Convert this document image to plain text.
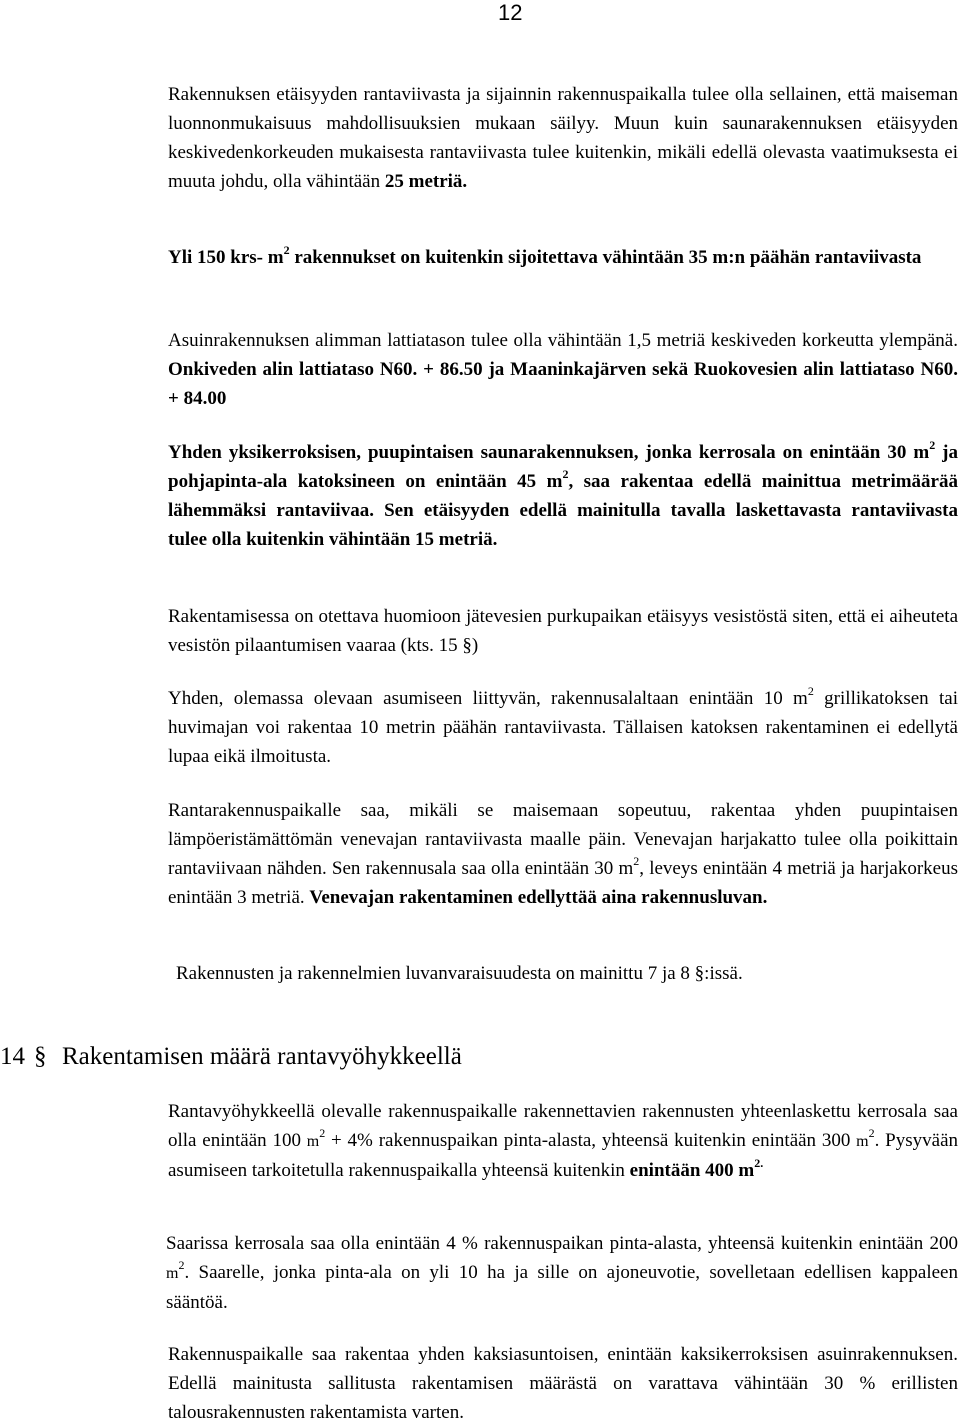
12

Rakennuksen etäisyyden rantaviivasta ja sijainnin rakennuspaikalla tulee olla sellainen, että maiseman luonnonmukaisuus mahdollisuuksien mukaan säilyy. Muun kuin saunarakennuksen etäisyyden keskivedenkorkeuden mukaisesta rantaviivasta tulee kuitenkin, mikäli edellä olevasta vaatimuksesta ei muuta johdu, olla vähintään 25 metriä.

Yli 150 krs- $m^2$ rakennukset on kuitenkin sijoitettava vähintään 35 m:n päähän rantaviivasta

Asuinrakennuksen alimman lattiatason tulee olla vähintään 1,5 metriä keskiveden korkeutta ylempänä. Onkiveden alin lattiataso N60. + 86.50 ja Maaninkajärven sekä Ruokovesien alin lattiataso N60. + 84.00

Yhden yksikerroksisen, puupintaisen saunarakennuksen, jonka kerrosala on enintään 30 $m^2$ ja pohjapinta-ala katoksineen on enintään 45 $m^2$, saa rakentaa edellä mainittua metrimäärää lähemmäksi rantaviivaa. Sen etäisyyden edellä mainitulla tavalla laskettavasta rantaviivasta tulee olla kuitenkin vähintään 15 metriä.

Rakentamisessa on otettava huomioon jätevesien purkupaikan etäisyys vesistöstä siten, että ei aiheuteta vesistön pilaantumisen vaaraa (kts. 15 §)

Yhden, olemassa olevaan asumiseen liittyvän, rakennusalaltaan enintään 10 $m^2$ grillikatoksen tai huvimajan voi rakentaa 10 metrin päähän rantaviivasta. Tällaisen katoksen rakentaminen ei edellytä lupaa eikä ilmoitusta.

Rantarakennuspaikalle saa, mikäli se maisemaan sopeutuu, rakentaa yhden puupintaisen lämpöeristämättömän venevajan rantaviivasta maalle päin. Venevajan harjakatto tulee olla poikittain rantaviivaan nähden. Sen rakennusala saa olla enintään 30 $m^2$, leveys enintään 4 metriä ja harjakorkeus enintään 3 metriä. Venevajan rakentaminen edellyttää aina rakennusluvan.

Rakennusten ja rakennelmien luvanvaraisuudesta on mainittu 7 ja 8 §:issä.

14 § Rakentamisen määrä rantavyöhykkeellä

Rantavyöhykkeellä olevalle rakennuspaikalle rakennettavien rakennusten yhteenlaskettu kerrosala saa olla enintään 100 $m^2 + 4\%$ rakennuspaikan pinta-alasta, yhteensä kuitenkin enintään 300 $m^2$. Pysyvään asumiseen tarkoitetulla rakennuspaikalla yhteensä kuitenkin enintään 400 $m^{2.}$

Saarissa kerrosala saa olla enintään 4 % rakennuspaikan pinta-alasta, yhteensä kuitenkin enintään 200 $m^2$. Saarelle, jonka pinta-ala on yli 10 ha ja sille on ajoneuvotie, sovelletaan edellisen kappaleen sääntöä.

Rakennuspaikalle saa rakentaa yhden kaksiasuntoisen, enintään kaksikerroksisen asuinrakennuksen. Edellä mainitusta sallitusta rakentamisen määrästä on varattava vähintään 30 % erillisten talousrakennusten rakentamista varten.
